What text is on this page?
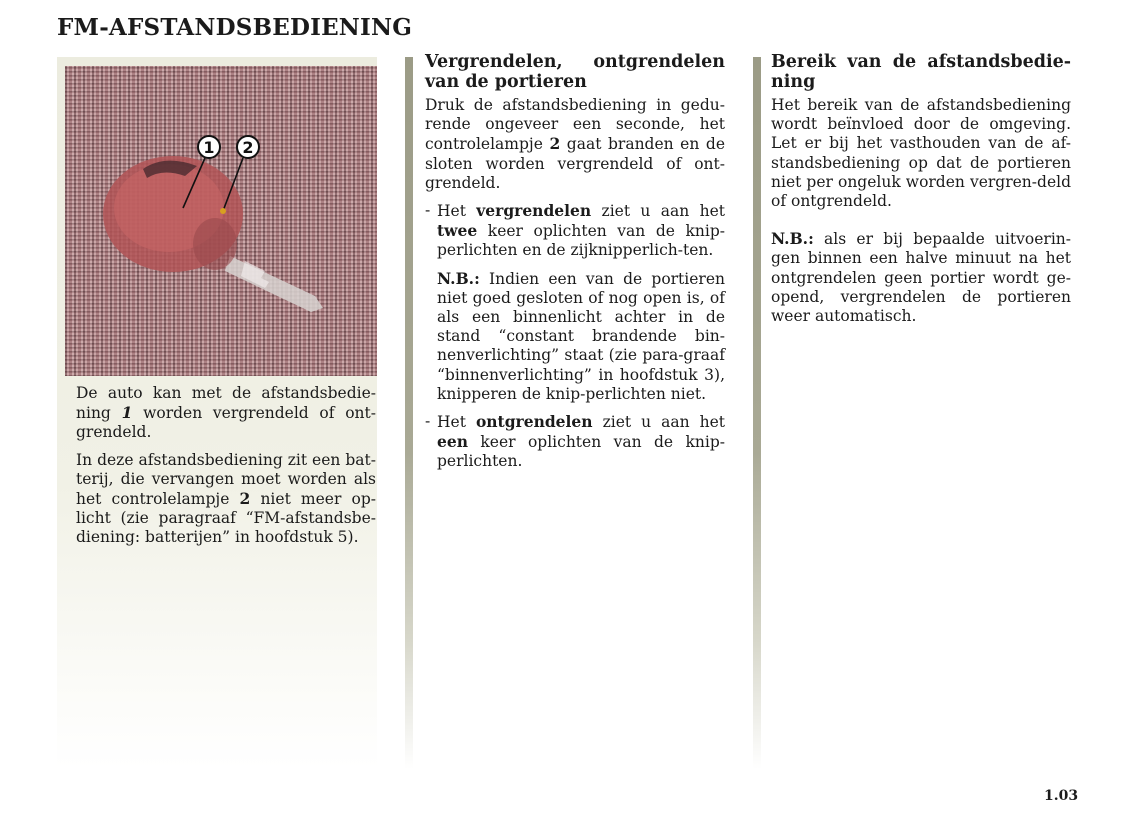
FM-AFSTANDSBEDIENING
1 2

De auto kan met de afstandsbedie-ning 1 worden vergrendeld of ont-grendeld.

In deze afstandsbediening zit een bat-terij, die vervangen moet worden als het controlelampje 2 niet meer op-licht (zie paragraaf “FM-afstandsbe-diening: batterijen” in hoofdstuk 5).

Vergrendelen, ontgrendelen van de portieren

Druk de afstandsbediening in gedu-rende ongeveer een seconde, het controlelampje 2 gaat branden en de sloten worden vergrendeld of ont-grendeld.

- Het vergrendelen ziet u aan het twee keer oplichten van de knip-perlichten en de zijknipperlich-ten.

N.B.: Indien een van de portieren niet goed gesloten of nog open is, of als een binnenlicht achter in de stand “constant brandende bin-nenverlichting” staat (zie para-graaf “binnenverlichting” in hoofdstuk 3), knipperen de knip-perlichten niet.

- Het ontgrendelen ziet u aan het een keer oplichten van de knip-perlichten.

Bereik van de afstandsbedie-ning

Het bereik van de afstandsbediening wordt beïnvloed door de omgeving. Let er bij het vasthouden van de af-standsbediening op dat de portieren niet per ongeluk worden vergren-deld of ontgrendeld.

N.B.: als er bij bepaalde uitvoerin-gen binnen een halve minuut na het ontgrendelen geen portier wordt ge-opend, vergrendelen de portieren weer automatisch.

1.03
